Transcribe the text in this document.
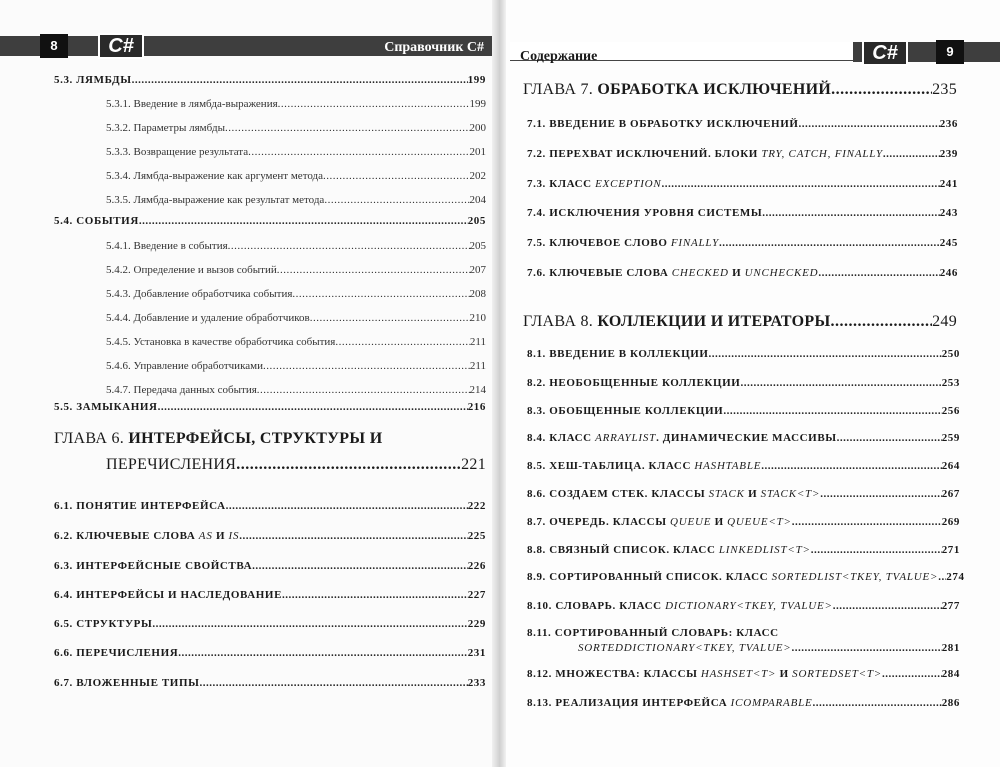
8	C#	Справочник C#
Содержание	C#	9
5.3. ЛЯМБДЫ .....	199
5.3.1. Введение в лямбда-выражения .....	199
5.3.2. Параметры лямбды .....	200
5.3.3. Возвращение результата .....	201
5.3.4. Лямбда-выражение как аргумент метода .....	202
5.3.5. Лямбда-выражение как результат метода .....	204
5.4. СОБЫТИЯ .....	205
5.4.1. Введение в события .....	205
5.4.2. Определение и вызов событий .....	207
5.4.3. Добавление обработчика события .....	208
5.4.4. Добавление и удаление обработчиков .....	210
5.4.5. Установка в качестве обработчика события .....	211
5.4.6. Управление обработчиками .....	211
5.4.7. Передача данных события .....	214
5.5. ЗАМЫКАНИЯ .....	216
ГЛАВА 6. ИНТЕРФЕЙСЫ, СТРУКТУРЫ И
ПЕРЕЧИСЛЕНИЯ .....	221
6.1. ПОНЯТИЕ ИНТЕРФЕЙСА .....	222
6.2. КЛЮЧЕВЫЕ СЛОВА AS И IS .....	225
6.3. ИНТЕРФЕЙСНЫЕ СВОЙСТВА .....	226
6.4. ИНТЕРФЕЙСЫ И НАСЛЕДОВАНИЕ .....	227
6.5. СТРУКТУРЫ .....	229
6.6. ПЕРЕЧИСЛЕНИЯ .....	231
6.7. ВЛОЖЕННЫЕ ТИПЫ .....	233
ГЛАВА 7. ОБРАБОТКА ИСКЛЮЧЕНИЙ .....	235
7.1. ВВЕДЕНИЕ В ОБРАБОТКУ ИСКЛЮЧЕНИЙ .....	236
7.2. ПЕРЕХВАТ ИСКЛЮЧЕНИЙ. БЛОКИ TRY, CATCH, FINALLY .....	239
7.3. КЛАСС EXCEPTION .....	241
7.4. ИСКЛЮЧЕНИЯ УРОВНЯ СИСТЕМЫ .....	243
7.5. КЛЮЧЕВОЕ СЛОВО FINALLY .....	245
7.6. КЛЮЧЕВЫЕ СЛОВА CHECKED И UNCHECKED .....	246
ГЛАВА 8. КОЛЛЕКЦИИ И ИТЕРАТОРЫ .....	249
8.1. ВВЕДЕНИЕ В КОЛЛЕКЦИИ .....	250
8.2. НЕОБОБЩЕННЫЕ КОЛЛЕКЦИИ .....	253
8.3. ОБОБЩЕННЫЕ КОЛЛЕКЦИИ .....	256
8.4. КЛАСС ARRAYLIST. ДИНАМИЧЕСКИЕ МАССИВЫ .....	259
8.5. ХЕШ-ТАБЛИЦА. КЛАСС HASHTABLE .....	264
8.6. СОЗДАЕМ СТЕК. КЛАССЫ STACK И STACK<T> .....	267
8.7. ОЧЕРЕДЬ. КЛАССЫ QUEUE И QUEUE<T> .....	269
8.8. СВЯЗНЫЙ СПИСОК. КЛАСС LINKEDLIST<T> .....	271
8.9. СОРТИРОВАННЫЙ СПИСОК. КЛАСС SORTEDLIST<TKEY, TVALUE> ..... 274
8.10. СЛОВАРЬ. КЛАСС DICTIONARY<TKEY, TVALUE> .....	277
8.11. СОРТИРОВАННЫЙ СЛОВАРЬ: КЛАСС
SORTEDDICTIONARY<TKEY, TVALUE> .....	281
8.12. МНОЖЕСТВА: КЛАССЫ HASHSET<T> И SORTEDSET<T> .....	284
8.13. РЕАЛИЗАЦИЯ ИНТЕРФЕЙСА ICOMPARABLE .....	286
